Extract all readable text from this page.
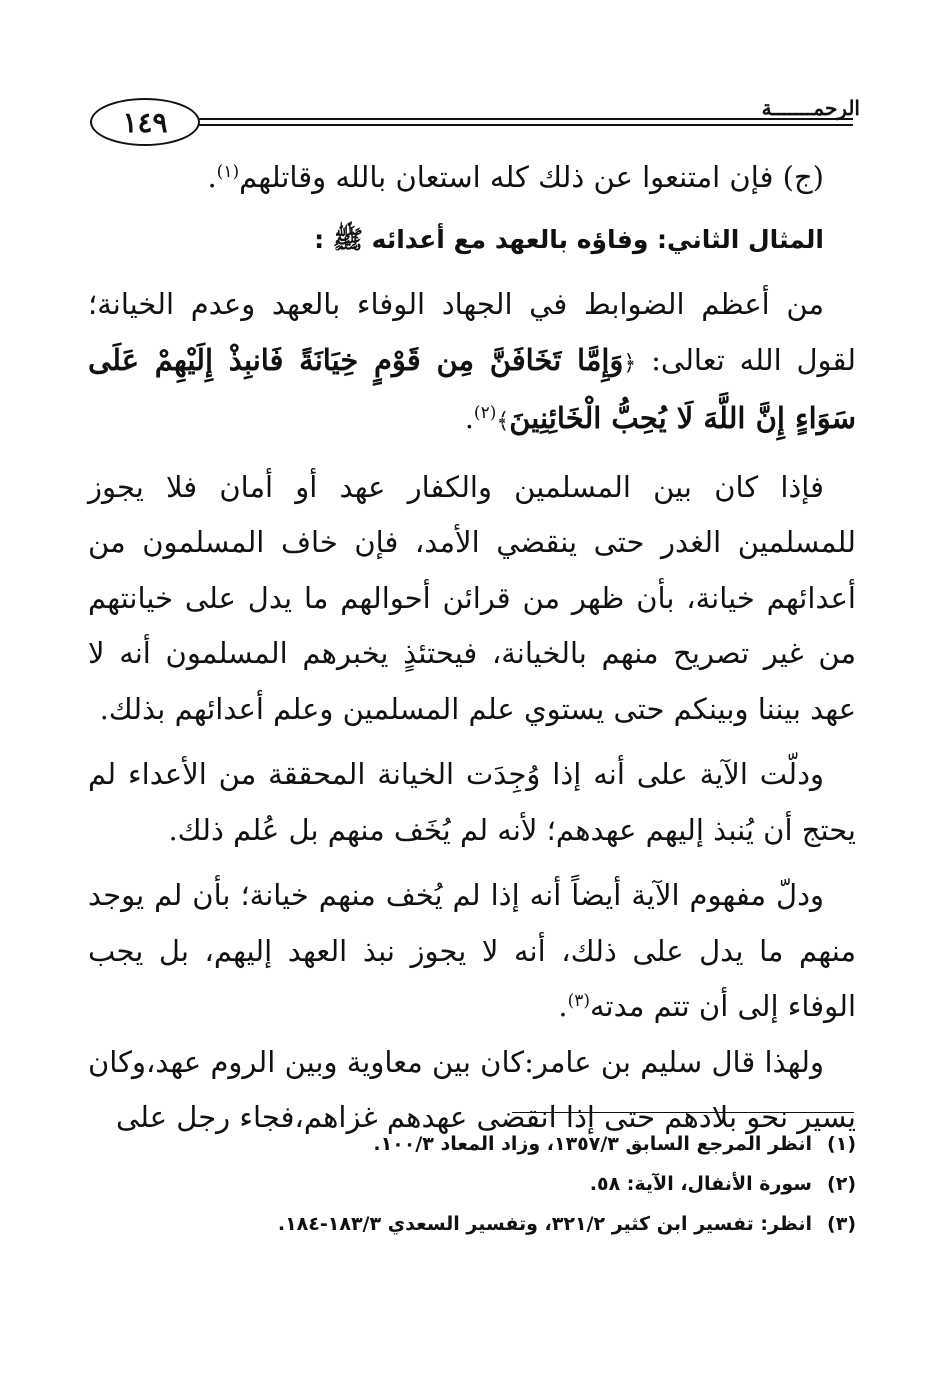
الرحمـــــــة
١٤٩

(ج) فإن امتنعوا عن ذلك كله استعان بالله وقاتلهم$^{(١)}$.

المثال الثاني: وفاؤه بالعهد مع أعدائه ﷺ :

من أعظم الضوابط في الجهاد الوفاء بالعهد وعدم الخيانة؛ لقول الله تعالى: ﴿وَإِمَّا تَخَافَنَّ مِن قَوْمٍ خِيَانَةً فَانبِذْ إِلَيْهِمْ عَلَى سَوَاءٍ إِنَّ اللَّهَ لَا يُحِبُّ الْخَائِنِينَ﴾$^{(٢)}$.

فإذا كان بين المسلمين والكفار عهد أو أمان فلا يجوز للمسلمين الغدر حتى ينقضي الأمد، فإن خاف المسلمون من أعدائهم خيانة، بأن ظهر من قرائن أحوالهم ما يدل على خيانتهم من غير تصريح منهم بالخيانة، فيحتئذٍ يخبرهم المسلمون أنه لا عهد بيننا وبينكم حتى يستوي علم المسلمين وعلم أعدائهم بذلك.

ودلّت الآية على أنه إذا وُجِدَت الخيانة المحققة من الأعداء لم يحتج أن يُنبذ إليهم عهدهم؛ لأنه لم يُخَف منهم بل عُلم ذلك.

ودلّ مفهوم الآية أيضاً أنه إذا لم يُخف منهم خيانة؛ بأن لم يوجد منهم ما يدل على ذلك، أنه لا يجوز نبذ العهد إليهم، بل يجب الوفاء إلى أن تتم مدته$^{(٣)}$.

ولهذا قال سليم بن عامر:كان بين معاوية وبين الروم عهد،وكان يسير نحو بلادهم حتى إذا انقضى عهدهم غزاهم،فجاء رجل على

(١)
انظر المرجع السابق ١٣٥٧/٣، وزاد المعاد ١٠٠/٣.
(٢)
سورة الأنفال، الآية: ٥٨.
(٣)
انظر: تفسير ابن كثير ٣٢١/٢، وتفسير السعدي ١٨٣/٣-١٨٤.
